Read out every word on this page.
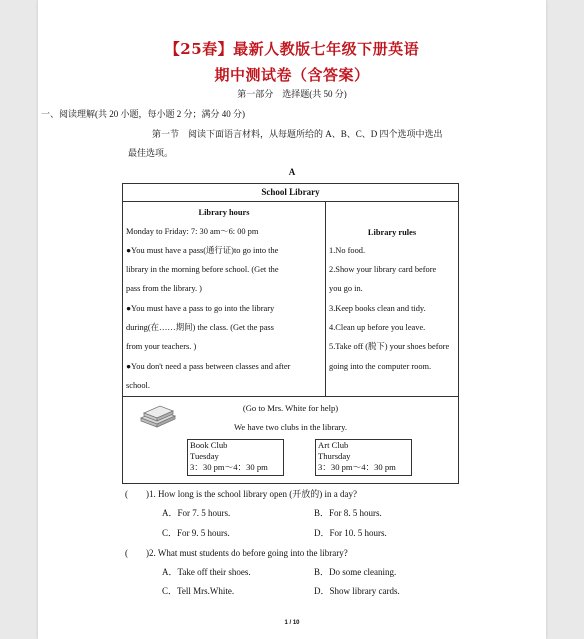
【25春】最新人教版七年级下册英语
期中测试卷（含答案）
第一部分　选择题(共 50 分)
一、阅读理解(共 20 小题，每小题 2 分；满分 40 分)
第一节　阅读下面语言材料，从每题所给的 A、B、C、D 四个选项中选出
最佳选项。
A
School Library
Library hours
Monday to Friday: 7: 30 am～6: 00 pm
●You must have a pass(通行证)to go into the
library in the morning before school. (Get the
pass from the library. )
●You must have a pass to go into the library
during(在……期间) the class. (Get the pass
from your teachers. )
●You don't need a pass between classes and after
school.
Library rules
1.No food.
2.Show your library card before
you go in.
3.Keep books clean and tidy.
4.Clean up before you leave.
5.Take off (脱下) your shoes before
going into the computer room.
(Go to Mrs. White for help)
We have two clubs in the library.
Book Club
Tuesday
3：30 pm～4：30 pm
Art Club
Thursday
3：30 pm～4：30 pm
(　　)1. How long is the school library open (开放的) in a day?
A．For 7. 5 hours.	B．For 8. 5 hours.
C．For 9. 5 hours.	D．For 10. 5 hours.
(　　)2. What must students do before going into the library?
A．Take off their shoes.	B．Do some cleaning.
C．Tell Mrs.White.	D．Show library cards.
1 / 10
